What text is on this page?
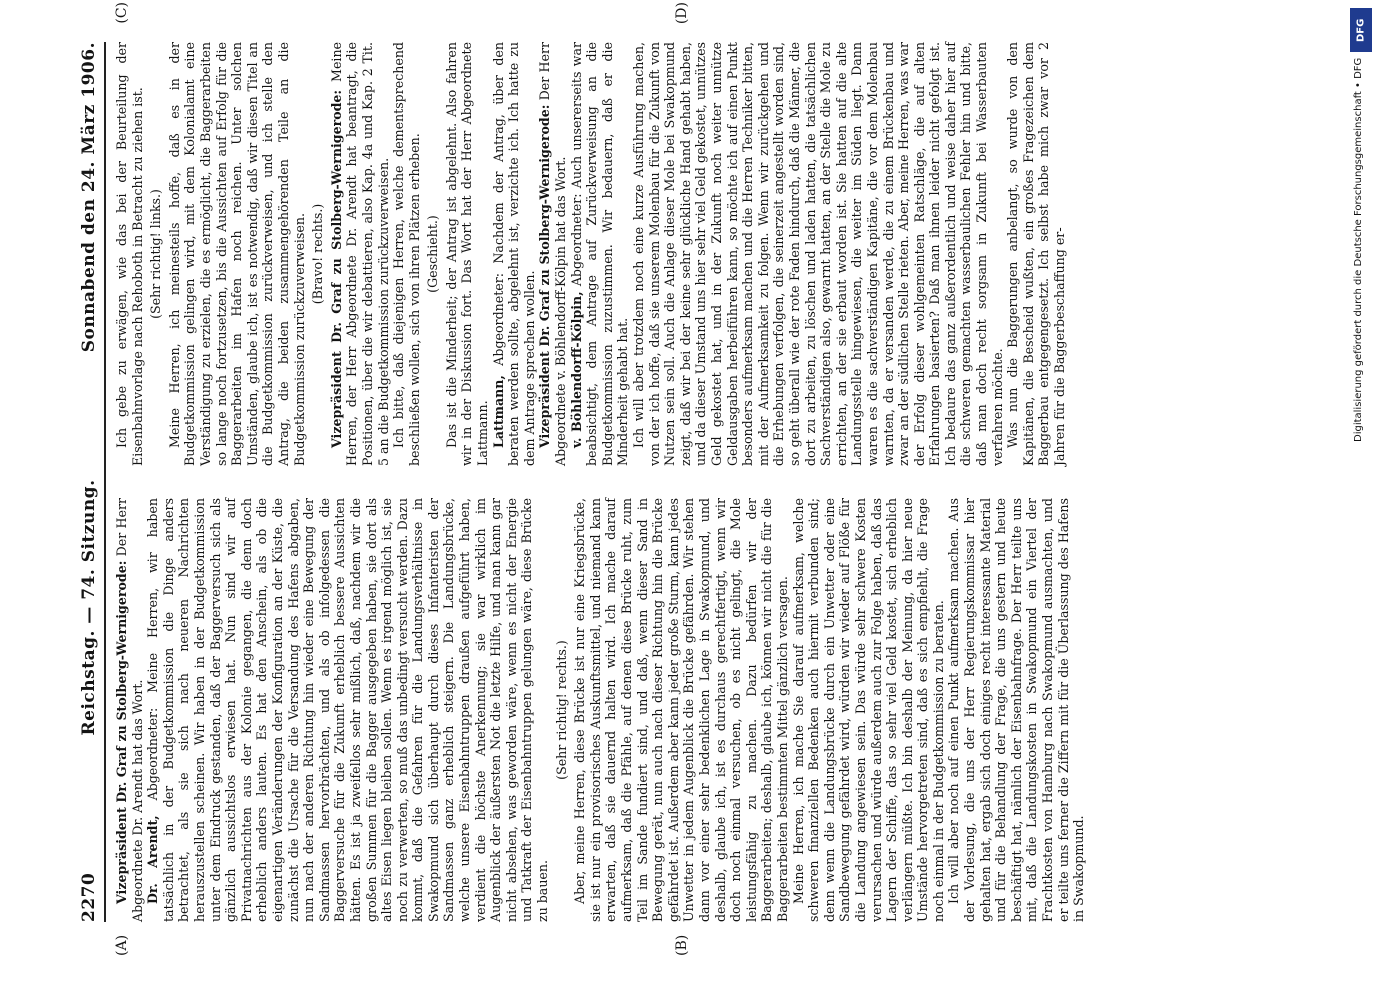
2270
Reichstag. — 74. Sitzung.
Sonnabend den 24. März 1906.
(A)	(B)

Vizepräsident Dr. Graf zu Stolberg-Wernigerode: Der Herr Abgeordnete Dr. Arendt hat das Wort. Dr. Arendt, Abgeordneter: Meine Herren, wir haben tatsächlich in der Budgetkommission die Dinge anders betrachtet, als sie sich nach neueren Nachrichten herauszustellen scheinen. Wir haben in der Budgetkommission unter dem Eindruck gestanden, daß der Baggerversuch sich als gänzlich aussichtslos erwiesen hat. Nun sind wir auf Privatnachrichten aus der Kolonie gegangen, die denn doch erheblich anders lauten. Es hat den Anschein, als ob die eigenartigen Veränderungen der Konfiguration an der Küste, die zunächst die Ursache für die Versandung des Hafens abgaben, nun nach der anderen Richtung hin wieder eine Bewegung der Sandmassen hervorbrächten, und als ob infolgedessen die Baggerversuche für die Zukunft erheblich bessere Aussichten hätten. Es ist ja zweifellos sehr mißlich, daß, nachdem wir die großen Summen für die Bagger ausgegeben haben, sie dort als altes Eisen liegen bleiben sollen. Wenn es irgend möglich ist, sie noch zu verwerten, so muß das unbedingt versucht werden. Dazu kommt, daß die Gefahren für die Landungsverhältnisse in Swakopmund sich überhaupt durch dieses Infanteristen der Sandmassen ganz erheblich steigern. Die Landungsbrücke, welche unsere Eisenbahntruppen draußen aufgeführt haben, verdient die höchste Anerkennung; sie war wirklich im Augenblick der äußersten Not die letzte Hilfe, und man kann gar nicht absehen, was geworden wäre, wenn es nicht der Energie und Tatkraft der Eisenbahntruppen gelungen wäre, diese Brücke zu bauen.

(Sehr richtig! rechts.) Aber, meine Herren, diese Brücke ist nur eine Kriegsbrücke, sie ist nur ein provisorisches Auskunftsmittel, und niemand kann erwarten, daß sie dauernd halten wird. Ich mache darauf aufmerksam, daß die Pfähle, auf denen diese Brücke ruht, zum Teil im Sande fundiert sind, und daß, wenn dieser Sand in Bewegung gerät, nun auch nach dieser Richtung hin die Brücke gefährdet ist. Außerdem aber kann jeder große Sturm, kann jedes Unwetter in jedem Augenblick die Brücke gefährden. Wir stehen dann vor einer sehr bedenklichen Lage in Swakopmund, und deshalb, glaube ich, ist es durchaus gerechtfertigt, wenn wir doch noch einmal versuchen, ob es nicht gelingt, die Mole leistungsfähig zu machen. Dazu bedürfen wir der Baggerarbeiten; deshalb, glaube ich, können wir nicht die für die Baggerarbeiten bestimmten Mittel gänzlich versagen. Meine Herren, ich mache Sie darauf aufmerksam, welche schweren finanziellen Bedenken auch hiermit verbunden sind; denn wenn die Landungsbrücke durch ein Unwetter oder eine Sandbewegung gefährdet wird, würden wir wieder auf Flöße für die Landung angewiesen sein. Das würde sehr schwere Kosten verursachen und würde außerdem auch zur Folge haben, daß das Lagern der Schiffe, das so sehr viel Geld kostet, sich erheblich verlängern müßte. Ich bin deshalb der Meinung, da hier neue Umstände hervorgetreten sind, daß es sich empfiehlt, die Frage noch einmal in der Budgetkommission zu beraten. Ich will aber noch auf einen Punkt aufmerksam machen. Aus der Vorlesung, die uns der Herr Regierungskommissar hier gehalten hat, ergab sich doch einiges recht interessante Material und für die Behandlung der Frage, die uns gestern und heute beschäftigt hat, nämlich der Eisenbahnfrage. Der Herr teilte uns mit, daß die Landungskosten in Swakopmund ein Viertel der Frachtkosten von Hamburg nach Swakopmund ausmachten, und er teilte uns ferner die Ziffern mit für die Überlassung des Hafens in Swakopmund.

(C)	(D)

Ich gebe zu erwägen, wie das bei der Beurteilung der Eisenbahnvorlage nach Rehoboth in Betracht zu ziehen ist. (Sehr richtig! links.) Meine Herren, ich meinesteils hoffe, daß es in der Budgetkommission gelingen wird, mit dem Kolonialamt eine Verständigung zu erzielen, die es ermöglicht, die Baggerarbeiten so lange noch fortzusetzen, bis die Aussichten auf Erfolg für die Baggerarbeiten im Hafen noch reichen. Unter solchen Umständen, glaube ich, ist es notwendig, daß wir diesen Titel an die Budgetkommission zurückverweisen, und ich stelle den Antrag, die beiden zusammengehörenden Teile an die Budgetkommission zurückzuverweisen. (Bravo! rechts.) Vizepräsident Dr. Graf zu Stolberg-Wernigerode: Meine Herren, der Herr Abgeordnete Dr. Arendt hat beantragt, die Positionen, über die wir debattieren, also Kap. 4a und Kap. 2 Tit. 5 an die Budgetkommission zurückzuverweisen. Ich bitte, daß diejenigen Herren, welche dementsprechend beschließen wollen, sich von ihren Plätzen erheben. (Geschieht.) Das ist die Minderheit; der Antrag ist abgelehnt. Also fahren wir in der Diskussion fort. Das Wort hat der Herr Abgeordnete Lattmann. Lattmann, Abgeordneter: Nachdem der Antrag, über den beraten werden sollte, abgelehnt ist, verzichte ich. Ich hatte zu dem Antrage sprechen wollen. Vizepräsident Dr. Graf zu Stolberg-Wernigerode: Der Herr Abgeordnete v. Böhlendorff-Kölpin hat das Wort. v. Böhlendorff-Kölpin, Abgeordneter: Auch unsererseits war beabsichtigt, dem Antrage auf Zurückverweisung an die Budgetkommission zuzustimmen. Wir bedauern, daß er die Minderheit gehabt hat. Ich will aber trotzdem noch eine kurze Ausführung machen, von der ich hoffe, daß sie unserem Molenbau für die Zukunft von Nutzen sein soll. Auch die Anlage dieser Mole bei Swakopmund zeigt, daß wir bei der keine sehr glückliche Hand gehabt haben, und da dieser Umstand uns hier sehr viel Geld gekostet, unnützes Geld gekostet hat, und in der Zukunft noch weiter unnütze Geldausgaben herbeiführen kann, so möchte ich auf einen Punkt besonders aufmerksam machen und die Herren Techniker bitten, mit der Aufmerksamkeit zu folgen. Wenn wir zurückgehen und die Erhebungen verfolgen, die seinerzeit angestellt worden sind, so geht überall wie der rote Faden hindurch, daß die Männer, die dort zu arbeiten, zu löschen und laden hatten, die tatsächlichen Sachverständigen also, gewarnt hatten, an der Stelle die Mole zu errichten, an der sie erbaut worden ist. Sie hatten auf die alte Landungsstelle hingewiesen, die weiter im Süden liegt. Dann waren es die sachverständigen Kapitäne, die vor dem Molenbau warnten, da er versanden werde, die zu einem Brückenbau und zwar an der südlichen Stelle rieten. Aber, meine Herren, was war der Erfolg dieser wohlgemeinten Ratschläge, die auf alten Erfahrungen basierten? Daß man ihnen leider nicht gefolgt ist. Ich bedaure das ganz außerordentlich und weise daher hier auf die schweren gemachten wasserbaulichen Fehler hin und bitte, daß man doch recht sorgsam in Zukunft bei Wasserbauten verfahren möchte. Was nun die Baggerungen anbelangt, so wurde von den Kapitänen, die Bescheid wußten, ein großes Fragezeichen dem Baggerbau entgegengesetzt. Ich selbst habe mich zwar vor 2 Jahren für die Baggerbeschaffung er-

DFG
Digitalisierung gefördert durch die Deutsche Forschungsgemeinschaft • DFG
